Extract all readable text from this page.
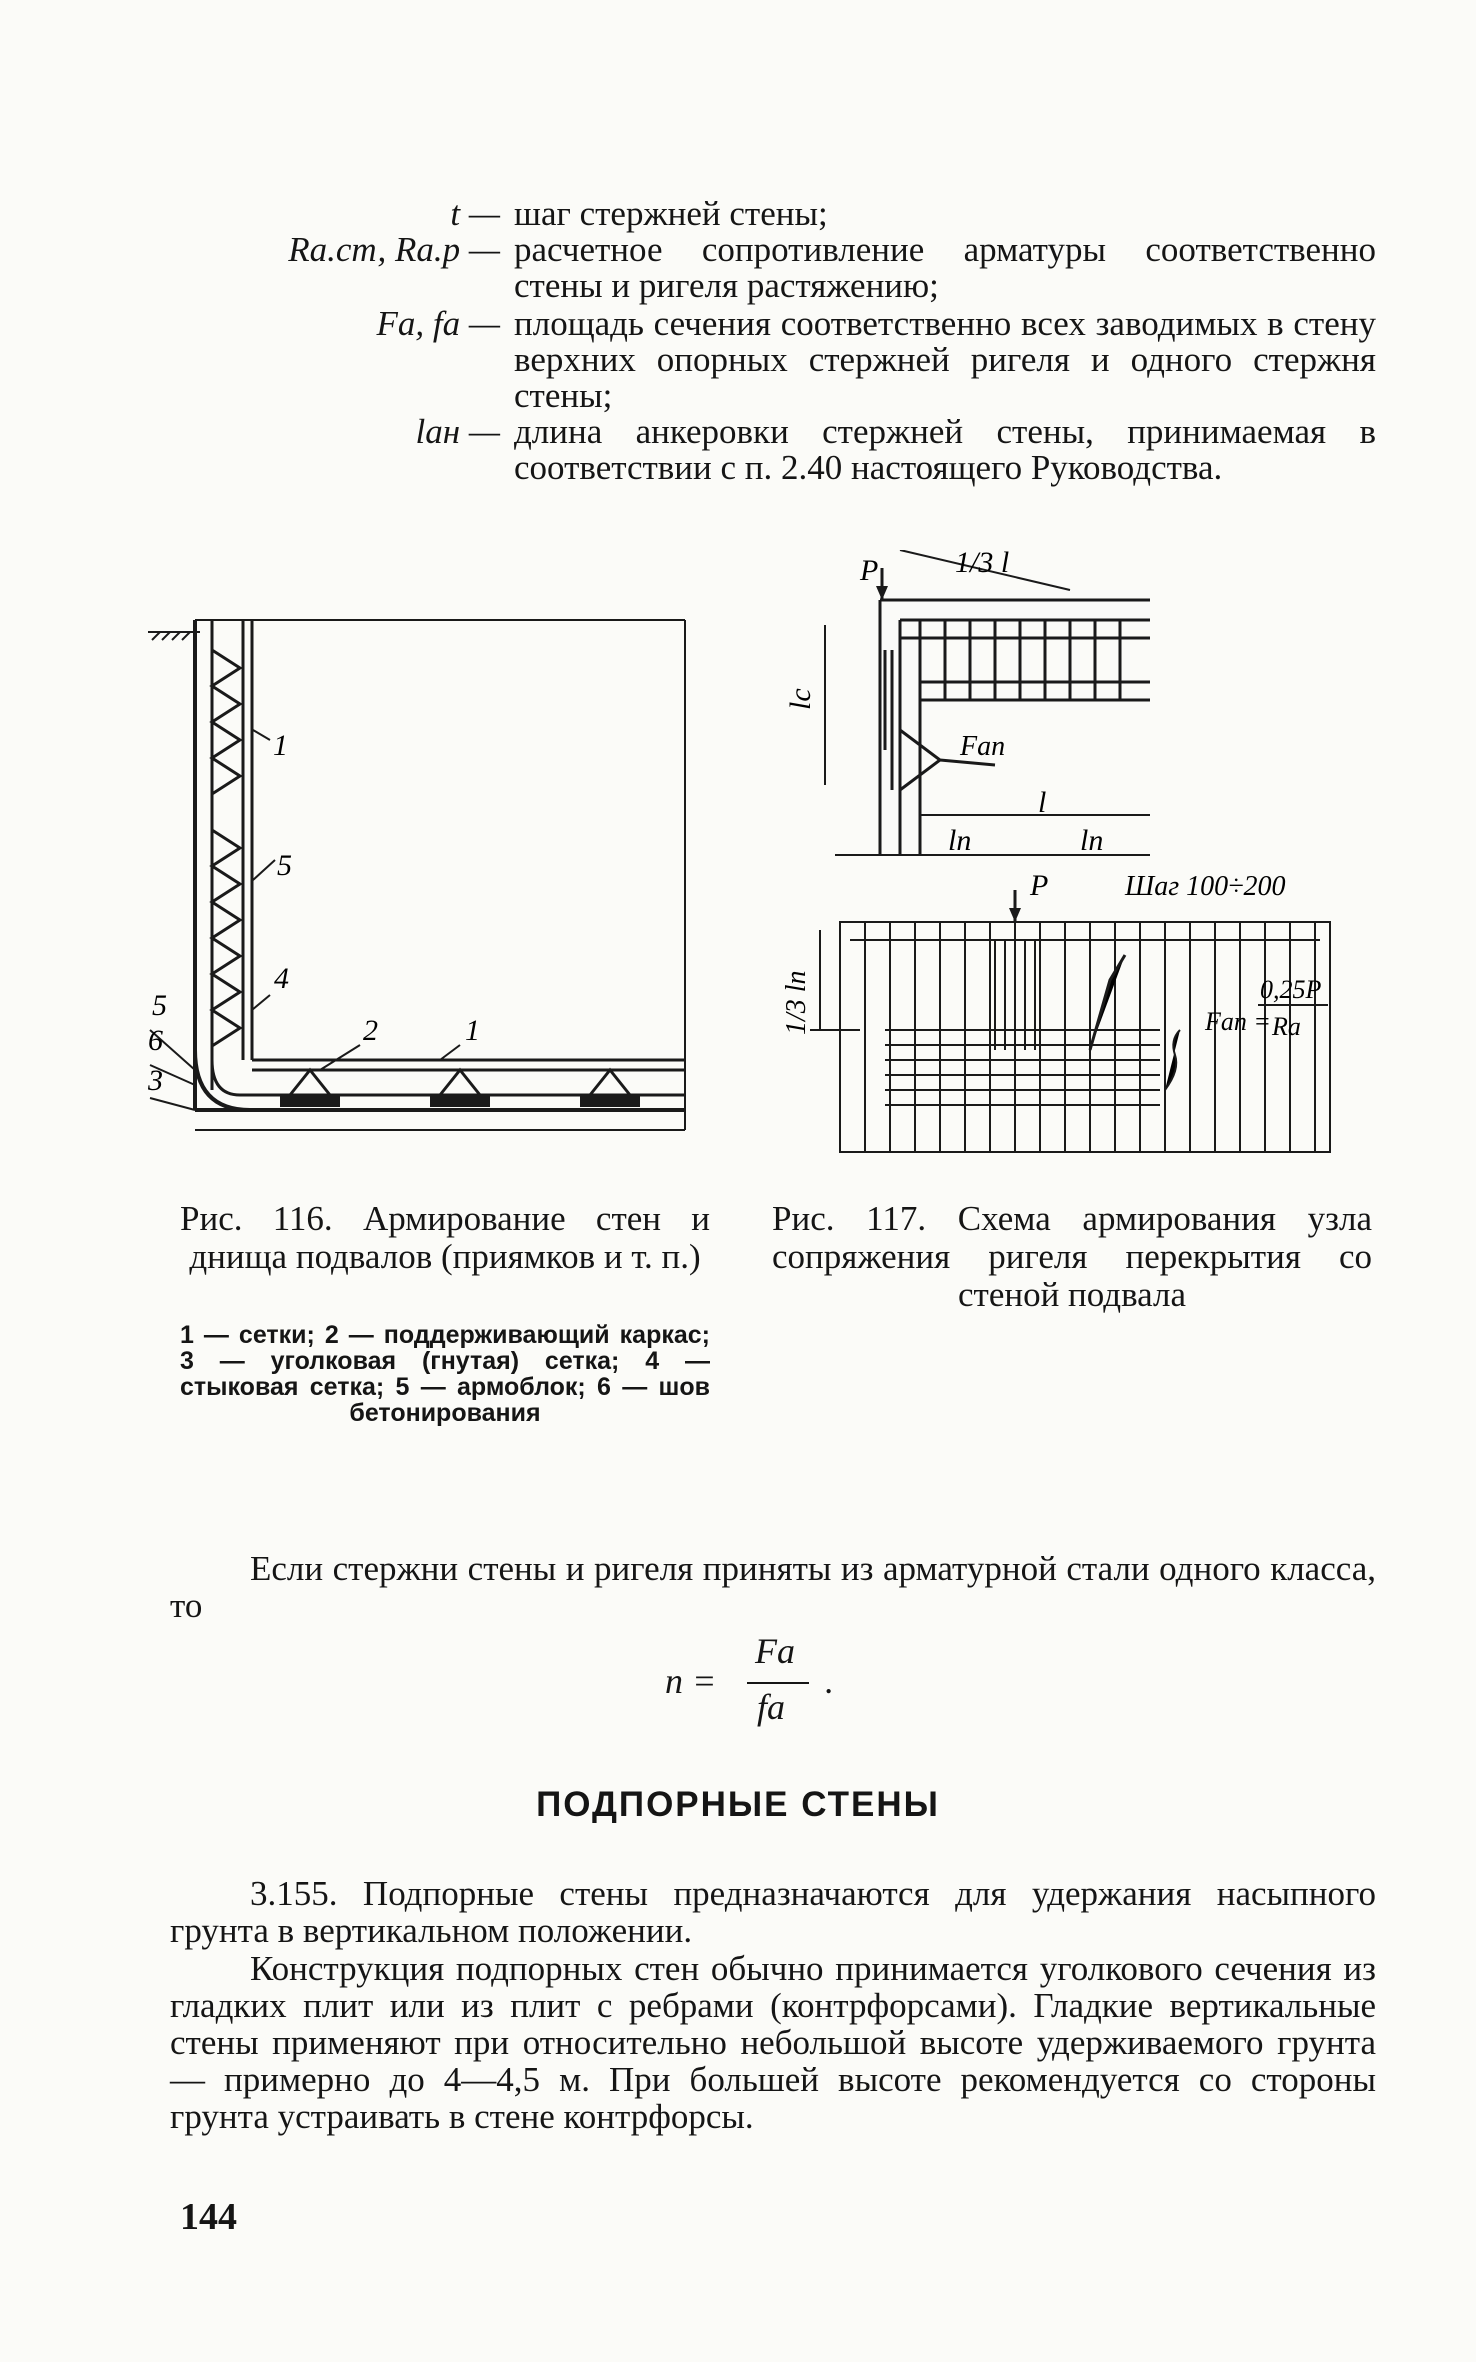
t — шаг стержней стены;
Rа.ст, Rа.р — расчетное сопротивление арматуры соответственно стены и ригеля растяжению;
Fа, fа — площадь сечения соответственно всех заводимых в стену верхних опорных стержней ригеля и одного стержня стены;
lан — длина анкеровки стержней стены, принимаемая в соответствии с п. 2.40 настоящего Руководства.
1
5
4
2	1
5
6
3
P	1/3 l
lc
Fan
l
ln	ln
P	Шаг 100÷200
1/3 ln	Fan =
0,25P
Ra
Рис. 116. Армирование стен и днища подвалов (приямков и т. п.)
1 — сетки; 2 — поддерживающий каркас; 3 — уголковая (гнутая) сетка; 4 — стыковая сетка; 5 — армоблок; 6 — шов бетонирования
Рис. 117. Схема армирования узла сопряжения ригеля перекрытия со стеной подвала
Если стержни стены и ригеля приняты из арматурной стали одного класса, то
n =
Fа
fа
.
ПОДПОРНЫЕ СТЕНЫ
3.155. Подпорные стены предназначаются для удержания насыпного грунта в вертикальном положении.
Конструкция подпорных стен обычно принимается уголкового сечения из гладких плит или из плит с ребрами (контрфорсами). Гладкие вертикальные стены применяют при относительно небольшой высоте удерживаемого грунта — примерно до 4—4,5 м. При большей высоте рекомендуется со стороны грунта устраивать в стене контрфорсы.
144
